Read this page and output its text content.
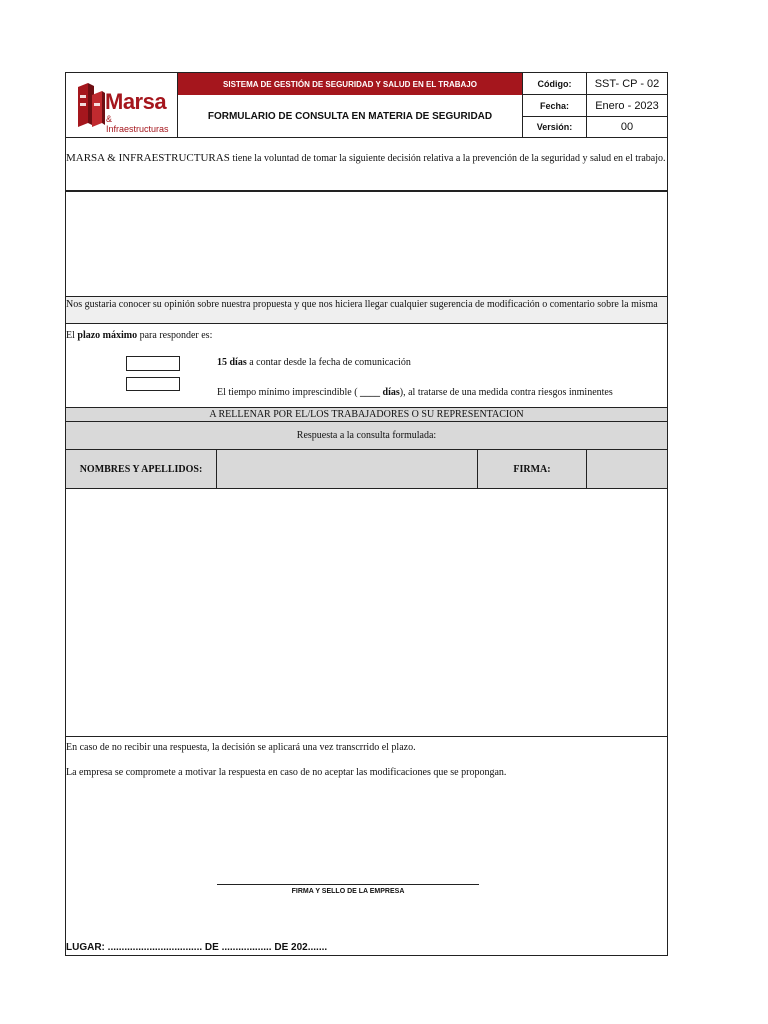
Marsa
& Infraestructuras
SISTEMA DE GESTIÓN DE SEGURIDAD Y SALUD EN EL TRABAJO
FORMULARIO DE CONSULTA EN MATERIA DE SEGURIDAD
Código:	SST- CP - 02
Fecha:	Enero - 2023
Versión:	00
MARSA & INFRAESTRUCTURAS tiene la voluntad de tomar la siguiente decisión relativa a la prevención de la seguridad y salud en el trabajo.
Nos gustaria conocer su opinión sobre nuestra propuesta y que nos hiciera llegar cualquier sugerencia de modificación o comentario sobre la misma
El plazo máximo para responder es:
15 días a contar desde la fecha de comunicación
El tiempo mínimo imprescindible ( ____ días), al tratarse de una medida contra riesgos inminentes
A RELLENAR POR EL/LOS TRABAJADORES O SU REPRESENTACION
Respuesta a la consulta formulada:
NOMBRES Y APELLIDOS:	FIRMA:
En caso de no recibir una respuesta, la decisión se aplicará una vez transcrrido el plazo.
La empresa se compromete a motivar la respuesta en caso de no aceptar las modificaciones que se propongan.
FIRMA Y SELLO DE LA EMPRESA
LUGAR: .................................. DE .................. DE 202.......
